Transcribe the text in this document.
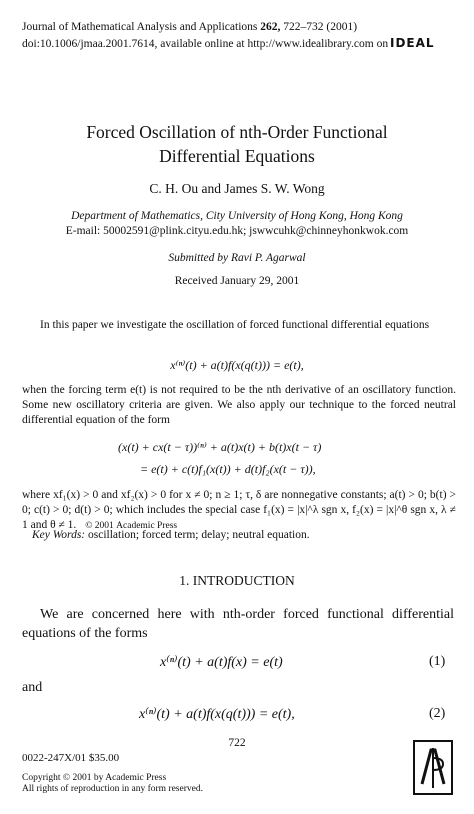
Journal of Mathematical Analysis and Applications 262, 722–732 (2001)
doi:10.1006/jmaa.2001.7614, available online at http://www.idealibrary.com on IDEAL
Forced Oscillation of nth-Order Functional
Differential Equations
C. H. Ou and James S. W. Wong
Department of Mathematics, City University of Hong Kong, Hong Kong
E-mail: 50002591@plink.cityu.edu.hk; jswwcuhk@chinneyhonkwok.com
Submitted by Ravi P. Agarwal
Received January 29, 2001
In this paper we investigate the oscillation of forced functional differential equations
x⁽ⁿ⁾(t) + a(t)f(x(q(t))) = e(t),
when the forcing term e(t) is not required to be the nth derivative of an oscillatory function. Some new oscillatory criteria are given. We also apply our technique to the forced neutral differential equation of the form
(x(t) + cx(t − τ))⁽ⁿ⁾ + a(t)x(t) + b(t)x(t − τ)
= e(t) + c(t)f₁(x(t)) + d(t)f₂(x(t − τ)),
where xf₁(x) > 0 and xf₂(x) > 0 for x ≠ 0; n ≥ 1; τ, δ are nonnegative constants; a(t) > 0; b(t) > 0; c(t) > 0; d(t) > 0; which includes the special case f₁(x) = |x|^λ sgn x, f₂(x) = |x|^θ sgn x, λ ≠ 1 and θ ≠ 1. © 2001 Academic Press
Key Words: oscillation; forced term; delay; neutral equation.
1. INTRODUCTION
We are concerned here with nth-order forced functional differential equations of the forms
x⁽ⁿ⁾(t) + a(t)f(x) = e(t)	(1)
and
x⁽ⁿ⁾(t) + a(t)f(x(q(t))) = e(t),	(2)
722
0022-247X/01 $35.00
Copyright © 2001 by Academic Press
All rights of reproduction in any form reserved.
